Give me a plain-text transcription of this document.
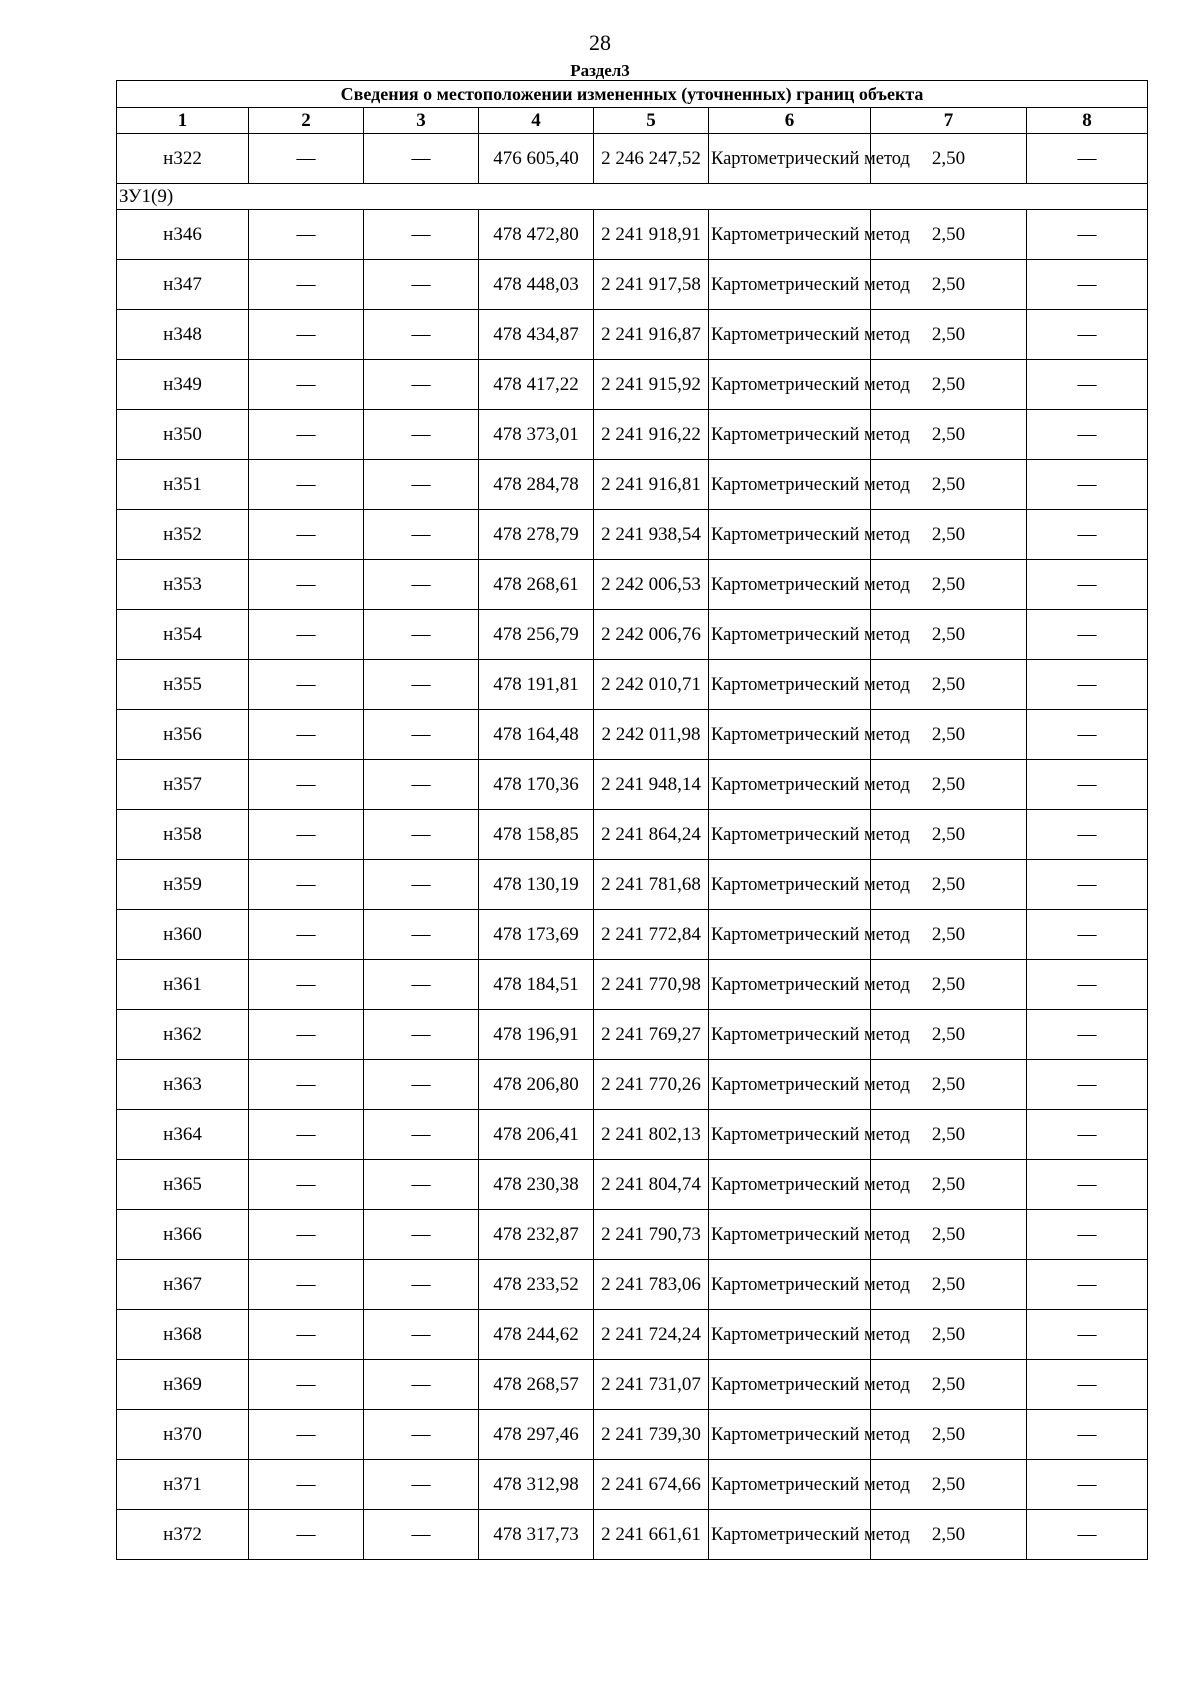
28
Раздел3
Сведения о местоположении измененных (уточненных) границ объекта							
1	2	3	4	5	6	7	8
н322	—	—	476 605,40	2 246 247,52	Картометрический метод	2,50	—
ЗУ1(9)							
н346	—	—	478 472,80	2 241 918,91	Картометрический метод	2,50	—
н347	—	—	478 448,03	2 241 917,58	Картометрический метод	2,50	—
н348	—	—	478 434,87	2 241 916,87	Картометрический метод	2,50	—
н349	—	—	478 417,22	2 241 915,92	Картометрический метод	2,50	—
н350	—	—	478 373,01	2 241 916,22	Картометрический метод	2,50	—
н351	—	—	478 284,78	2 241 916,81	Картометрический метод	2,50	—
н352	—	—	478 278,79	2 241 938,54	Картометрический метод	2,50	—
н353	—	—	478 268,61	2 242 006,53	Картометрический метод	2,50	—
н354	—	—	478 256,79	2 242 006,76	Картометрический метод	2,50	—
н355	—	—	478 191,81	2 242 010,71	Картометрический метод	2,50	—
н356	—	—	478 164,48	2 242 011,98	Картометрический метод	2,50	—
н357	—	—	478 170,36	2 241 948,14	Картометрический метод	2,50	—
н358	—	—	478 158,85	2 241 864,24	Картометрический метод	2,50	—
н359	—	—	478 130,19	2 241 781,68	Картометрический метод	2,50	—
н360	—	—	478 173,69	2 241 772,84	Картометрический метод	2,50	—
н361	—	—	478 184,51	2 241 770,98	Картометрический метод	2,50	—
н362	—	—	478 196,91	2 241 769,27	Картометрический метод	2,50	—
н363	—	—	478 206,80	2 241 770,26	Картометрический метод	2,50	—
н364	—	—	478 206,41	2 241 802,13	Картометрический метод	2,50	—
н365	—	—	478 230,38	2 241 804,74	Картометрический метод	2,50	—
н366	—	—	478 232,87	2 241 790,73	Картометрический метод	2,50	—
н367	—	—	478 233,52	2 241 783,06	Картометрический метод	2,50	—
н368	—	—	478 244,62	2 241 724,24	Картометрический метод	2,50	—
н369	—	—	478 268,57	2 241 731,07	Картометрический метод	2,50	—
н370	—	—	478 297,46	2 241 739,30	Картометрический метод	2,50	—
н371	—	—	478 312,98	2 241 674,66	Картометрический метод	2,50	—
н372	—	—	478 317,73	2 241 661,61	Картометрический метод	2,50	—
